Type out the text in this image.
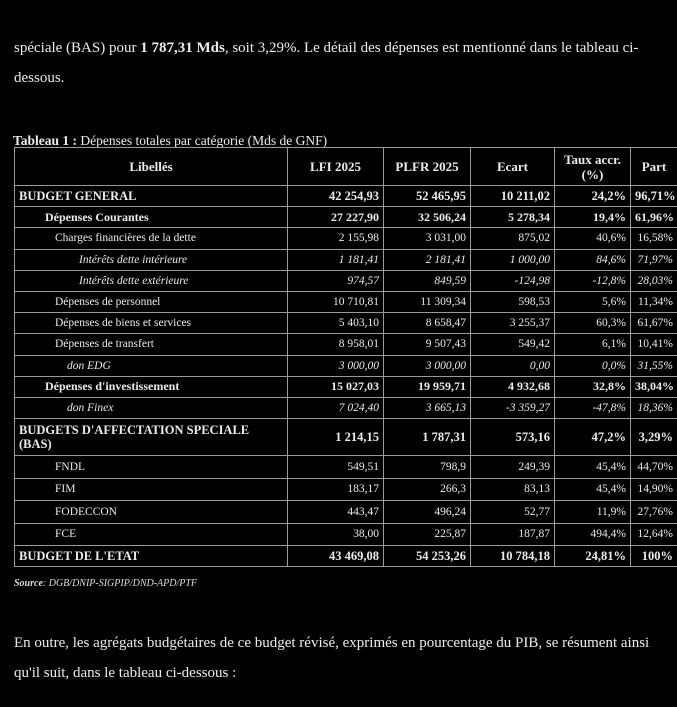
spéciale (BAS) pour 1 787,31 Mds, soit 3,29%. Le détail des dépenses est mentionné dans le tableau ci-dessous.
Tableau 1 : Dépenses totales par catégorie (Mds de GNF)
Libellés	LFI 2025	PLFR 2025	Ecart	Taux accr.(%)	Part
BUDGET GENERAL	42 254,93	52 465,95	10 211,02	24,2%	96,71%
Dépenses Courantes	27 227,90	32 506,24	5 278,34	19,4%	61,96%
Charges financières de la dette	2 155,98	3 031,00	875,02	40,6%	16,58%
Intérêts dette intérieure	1 181,41	2 181,41	1 000,00	84,6%	71,97%
Intérêts dette extérieure	974,57	849,59	-124,98	-12,8%	28,03%
Dépenses de personnel	10 710,81	11 309,34	598,53	5,6%	11,34%
Dépenses de biens et services	5 403,10	8 658,47	3 255,37	60,3%	61,67%
Dépenses de transfert	8 958,01	9 507,43	549,42	6,1%	10,41%
don EDG	3 000,00	3 000,00	0,00	0,0%	31,55%
Dépenses d'investissement	15 027,03	19 959,71	4 932,68	32,8%	38,04%
don Finex	7 024,40	3 665,13	-3 359,27	-47,8%	18,36%
BUDGETS D'AFFECTATION SPECIALE (BAS)	1 214,15	1 787,31	573,16	47,2%	3,29%
FNDL	549,51	798,9	249,39	45,4%	44,70%
FIM	183,17	266,3	83,13	45,4%	14,90%
FODECCON	443,47	496,24	52,77	11,9%	27,76%
FCE	38,00	225,87	187,87	494,4%	12,64%
BUDGET DE L'ETAT	43 469,08	54 253,26	10 784,18	24,81%	100%
Source: DGB/DNIP-SIGPIP/DND-APD/PTF
En outre, les agrégats budgétaires de ce budget révisé, exprimés en pourcentage du PIB, se résument ainsi qu'il suit, dans le tableau ci-dessous :
